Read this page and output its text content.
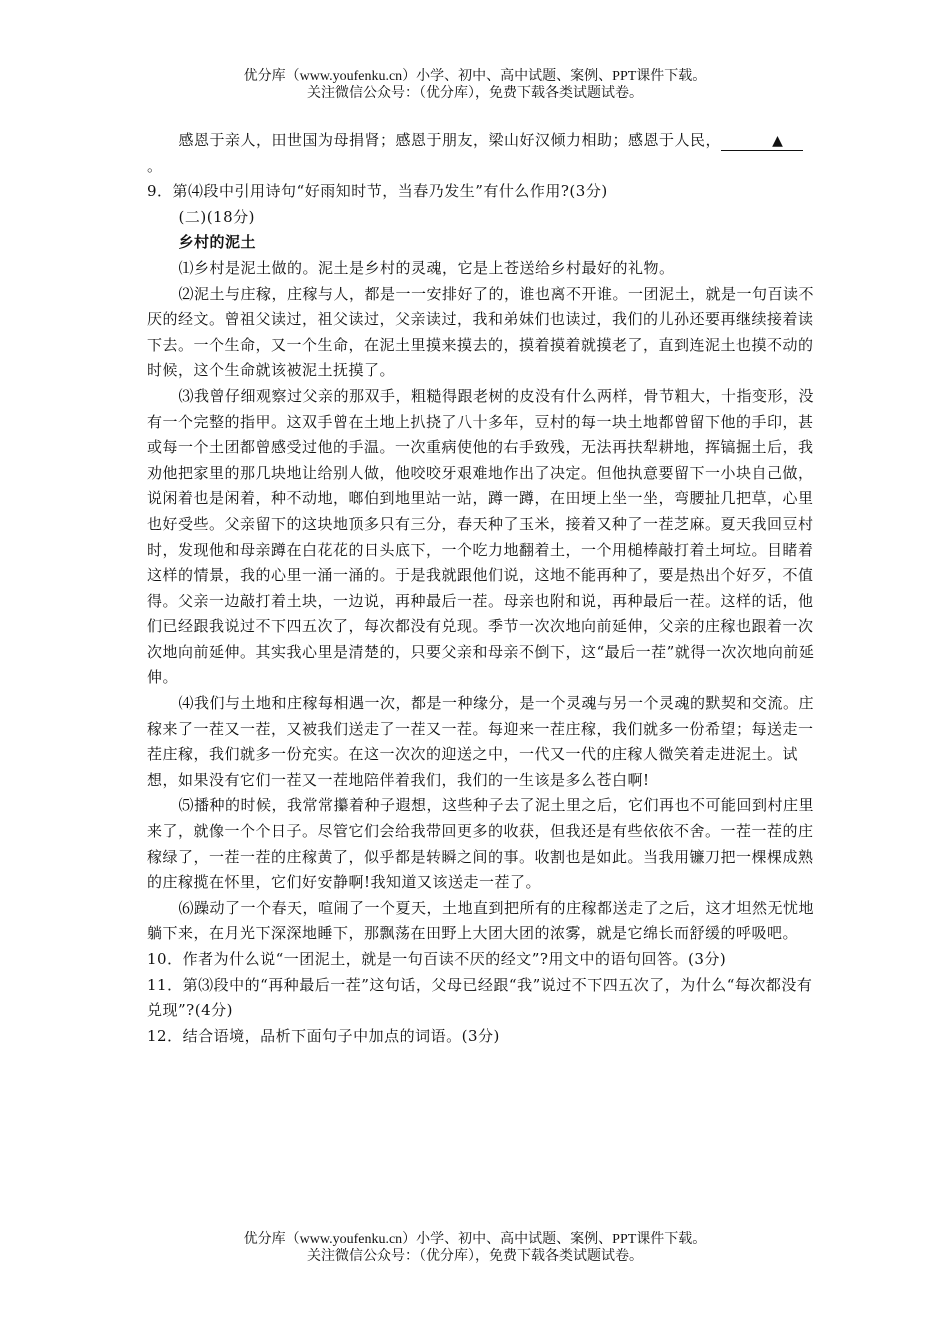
优分库（www.youfenku.cn）小学、初中、高中试题、案例、PPT课件下载。
关注微信公众号：（优分库），免费下载各类试题试卷。

感恩于亲人，田世国为母捐肾；感恩于朋友，梁山好汉倾力相助；感恩于人民，	▲。

9．第⑷段中引用诗句“好雨知时节，当春乃发生”有什么作用?(3分)

(二)(18分)

乡村的泥土

⑴乡村是泥土做的。泥土是乡村的灵魂，它是上苍送给乡村最好的礼物。

⑵泥土与庄稼，庄稼与人，都是一一安排好了的，谁也离不开谁。一团泥土，就是一句百读不厌的经文。曾祖父读过，祖父读过，父亲读过，我和弟妹们也读过，我们的儿孙还要再继续接着读下去。一个生命，又一个生命，在泥土里摸来摸去的，摸着摸着就摸老了，直到连泥土也摸不动的时候，这个生命就该被泥土抚摸了。

⑶我曾仔细观察过父亲的那双手，粗糙得跟老树的皮没有什么两样，骨节粗大，十指变形，没有一个完整的指甲。这双手曾在土地上扒挠了八十多年，豆村的每一块土地都曾留下他的手印，甚或每一个土团都曾感受过他的手温。一次重病使他的右手致残，无法再扶犁耕地，挥镐掘土后，我劝他把家里的那几块地让给别人做，他咬咬牙艰难地作出了决定。但他执意要留下一小块自己做，说闲着也是闲着，种不动地，啷伯到地里站一站，蹲一蹲，在田埂上坐一坐，弯腰扯几把草，心里也好受些。父亲留下的这块地顶多只有三分，春天种了玉米，接着又种了一茬芝麻。夏天我回豆村时，发现他和母亲蹲在白花花的日头底下，一个吃力地翻着土，一个用槌棒敲打着土坷垃。目睹着这样的情景，我的心里一涌一涌的。于是我就跟他们说，这地不能再种了，要是热出个好歹，不值得。父亲一边敲打着土块，一边说，再种最后一茬。母亲也附和说，再种最后一茬。这样的话，他们已经跟我说过不下四五次了，每次都没有兑现。季节一次次地向前延伸，父亲的庄稼也跟着一次次地向前延伸。其实我心里是清楚的，只要父亲和母亲不倒下，这“最后一茬”就得一次次地向前延伸。

⑷我们与土地和庄稼每相遇一次，都是一种缘分，是一个灵魂与另一个灵魂的默契和交流。庄稼来了一茬又一茬，又被我们送走了一茬又一茬。每迎来一茬庄稼，我们就多一份希望；每送走一茬庄稼，我们就多一份充实。在这一次次的迎送之中，一代又一代的庄稼人微笑着走进泥土。试想，如果没有它们一茬又一茬地陪伴着我们，我们的一生该是多么苍白啊!

⑸播种的时候，我常常攥着种子遐想，这些种子去了泥土里之后，它们再也不可能回到村庄里来了，就像一个个日子。尽管它们会给我带回更多的收获，但我还是有些依依不舍。一茬一茬的庄稼绿了，一茬一茬的庄稼黄了，似乎都是转瞬之间的事。收割也是如此。当我用镰刀把一棵棵成熟的庄稼揽在怀里，它们好安静啊!我知道又该送走一茬了。

⑹躁动了一个春天，喧闹了一个夏天，土地直到把所有的庄稼都送走了之后，这才坦然无忧地躺下来，在月光下深深地睡下，那飘荡在田野上大团大团的浓雾，就是它绵长而舒缓的呼吸吧。

10．作者为什么说“一团泥土，就是一句百读不厌的经文”?用文中的语句回答。(3分)

11．第⑶段中的“再种最后一茬”这句话，父母已经跟“我”说过不下四五次了，为什么“每次都没有兑现”?(4分)

12．结合语境，品析下面句子中加点的词语。(3分)

优分库（www.youfenku.cn）小学、初中、高中试题、案例、PPT课件下载。
关注微信公众号：（优分库），免费下载各类试题试卷。
